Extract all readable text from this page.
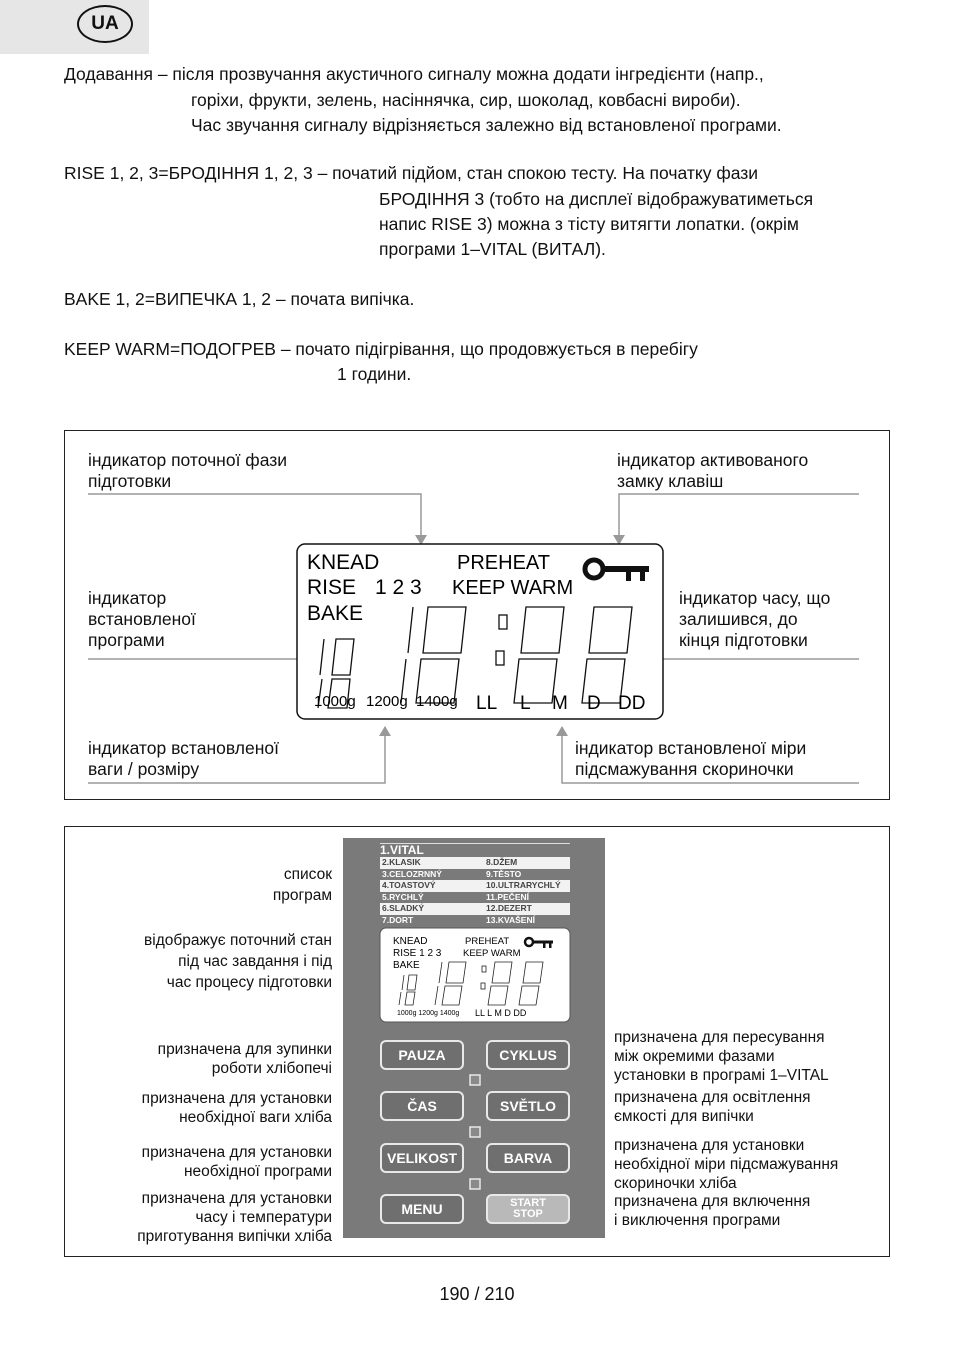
UA
Додавання – після прозвучання акустичного сигналу можна додати інгредієнти (напр.,
горіхи, фрукти, зелень, насіннячка, сир, шоколад, ковбасні вироби).
Час звучання сигналу відрізняється залежно від встановленої програми.
RISE 1, 2, 3=БРОДІННЯ 1, 2, 3 – початий підйом, стан спокою тесту. На початку фази
БРОДІННЯ 3 (тобто на дисплеї відображуватиметься
напис RISE 3) можна з тісту витягти лопатки. (окрім
програми 1–VITAL (ВИТАЛ).
BAKE 1, 2=ВИПЕЧКА 1, 2 – почата випічка.
KEEP WARM=ПОДОГРЕВ – почато підігрівання, що продовжується в перебігу
1 години.
індикатор поточної фази
підготовки
індикатор активованого
замку клавіш
індикатор
встановленої
програми
індикатор часу, що
залишився, до
кінця підготовки
індикатор встановленої
ваги / розміру
індикатор встановленої міри
підсмажування скориночки
KNEAD	PREHEAT
RISE 1 2 3 KEEP WARM
BAKE
1000g 1200g 1400g LL L M D DD
список
програм
відображує поточний стан
під час завдання і під
час процесу підготовки
призначена для зупинки
роботи хлібопечі
призначена для установки
необхідної ваги хліба
призначена для установки
необхідної програми
призначена для установки
часу і температури
приготування випічки хліба
призначена для пересування
між окремими фазами
установки в програмі 1–VITAL
призначена для освітлення
ємкості для випічки
призначена для установки
необхідної міри підсмажування
скориночки хліба
призначена для включення
і виключення програми
1.VITAL
2.KLASIK	8.DŽEM
3.CELOZRNNÝ	9.TĚSTO
4.TOASTOVÝ	10.ULTRARYCHLÝ
5.RYCHLÝ	11.PEČENÍ
6.SLADKÝ	12.DEZERT
7.DORT	13.KVAŠENÍ
KNEAD	PREHEAT
RISE 1 2 3 KEEP WARM
BAKE
1000g 1200g 1400g LL L M D DD
PAUZA	CYKLUS
ČAS	SVĚTLO
VELIKOST	BARVA
MENU	START
STOP
190 / 210
